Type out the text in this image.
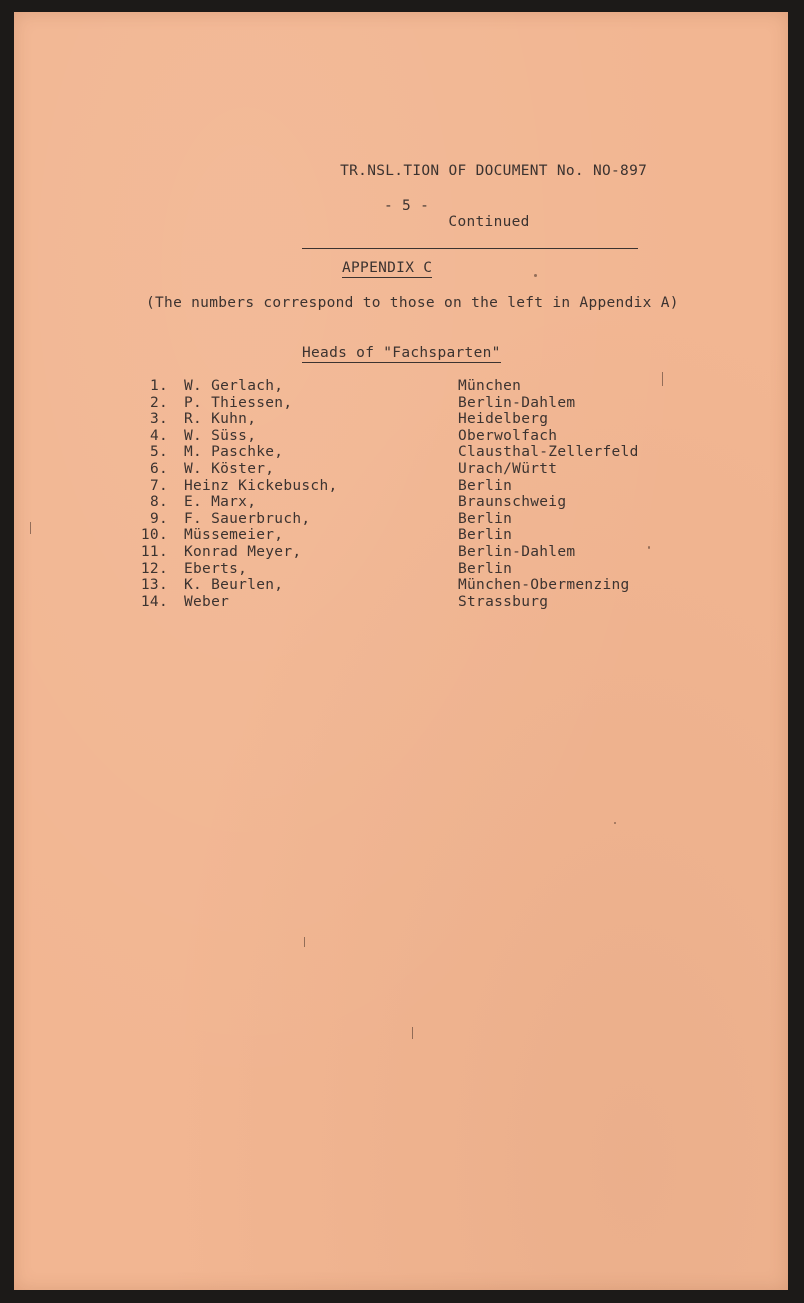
TR.NSL.TION OF DOCUMENT No. NO-897

Continued

- 5 -
APPENDIX C
(The numbers correspond to those on the left in Appendix A)
Heads of "Fachsparten"
1. W. Gerlach,	München
2. P. Thiessen,	Berlin-Dahlem
3. R. Kuhn,	Heidelberg
4. W. Süss,	Oberwolfach
5. M. Paschke,	Clausthal-Zellerfeld
6. W. Köster,	Urach/Württ
7. Heinz Kickebusch,	Berlin
8. E. Marx,	Braunschweig
9. F. Sauerbruch,	Berlin
10. Müssemeier,	Berlin
11. Konrad Meyer,	Berlin-Dahlem
12. Eberts,	Berlin
13. K. Beurlen,	München-Obermenzing
14. Weber	Strassburg
